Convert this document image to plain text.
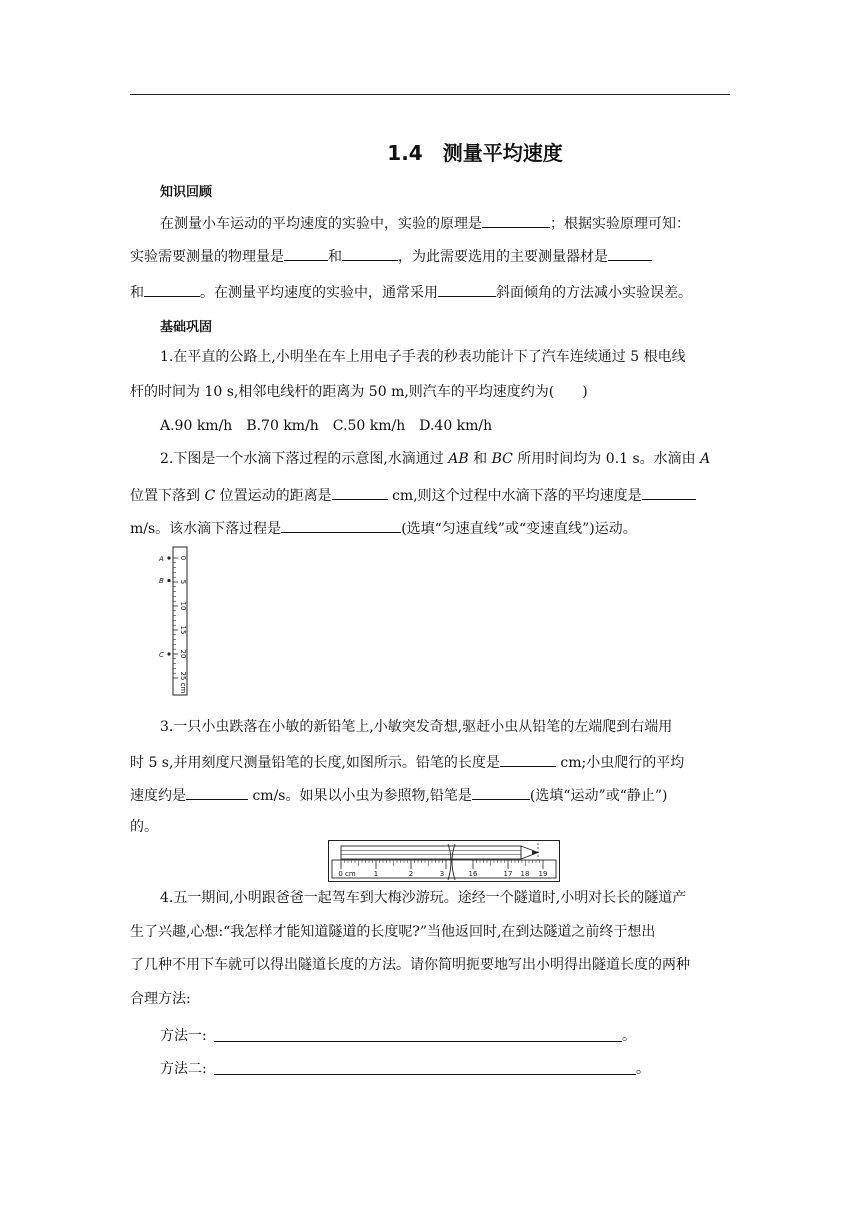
1.4　测量平均速度
知识回顾
在测量小车运动的平均速度的实验中，实验的原理是	；根据实验原理可知：
实验需要测量的物理量是	和	，为此需要选用的主要测量器材是
和	。在测量平均速度的实验中，通常采用	斜面倾角的方法减小实验误差。
基础巩固
1.在平直的公路上,小明坐在车上用电子手表的秒表功能计下了汽车连续通过 5 根电线
杆的时间为 10 s,相邻电线杆的距离为 50 m,则汽车的平均速度约为(　　)
A.90 km/h　B.70 km/h　C.50 km/h　D.40 km/h
2.下图是一个水滴下落过程的示意图,水滴通过 AB 和 BC 所用时间均为 0.1 s。水滴由 A
位置下落到 C 位置运动的距离是	cm,则这个过程中水滴下落的平均速度是
m/s。该水滴下落过程是	(选填“匀速直线”或“变速直线”)运动。
0
5
10
15
20
25
cm
A
B
C
3.一只小虫跌落在小敏的新铅笔上,小敏突发奇想,驱赶小虫从铅笔的左端爬到右端用
时 5 s,并用刻度尺测量铅笔的长度,如图所示。铅笔的长度是	cm;小虫爬行的平均
速度约是	cm/s。如果以小虫为参照物,铅笔是	(选填“运动”或“静止”)
的。
0 cm	1	2	3	16	17 18 19
4.五一期间,小明跟爸爸一起驾车到大梅沙游玩。途经一个隧道时,小明对长长的隧道产
生了兴趣,心想:“我怎样才能知道隧道的长度呢?”当他返回时,在到达隧道之前终于想出
了几种不用下车就可以得出隧道长度的方法。请你简明扼要地写出小明得出隧道长度的两种
合理方法:
方法一:	。
方法二:	。
